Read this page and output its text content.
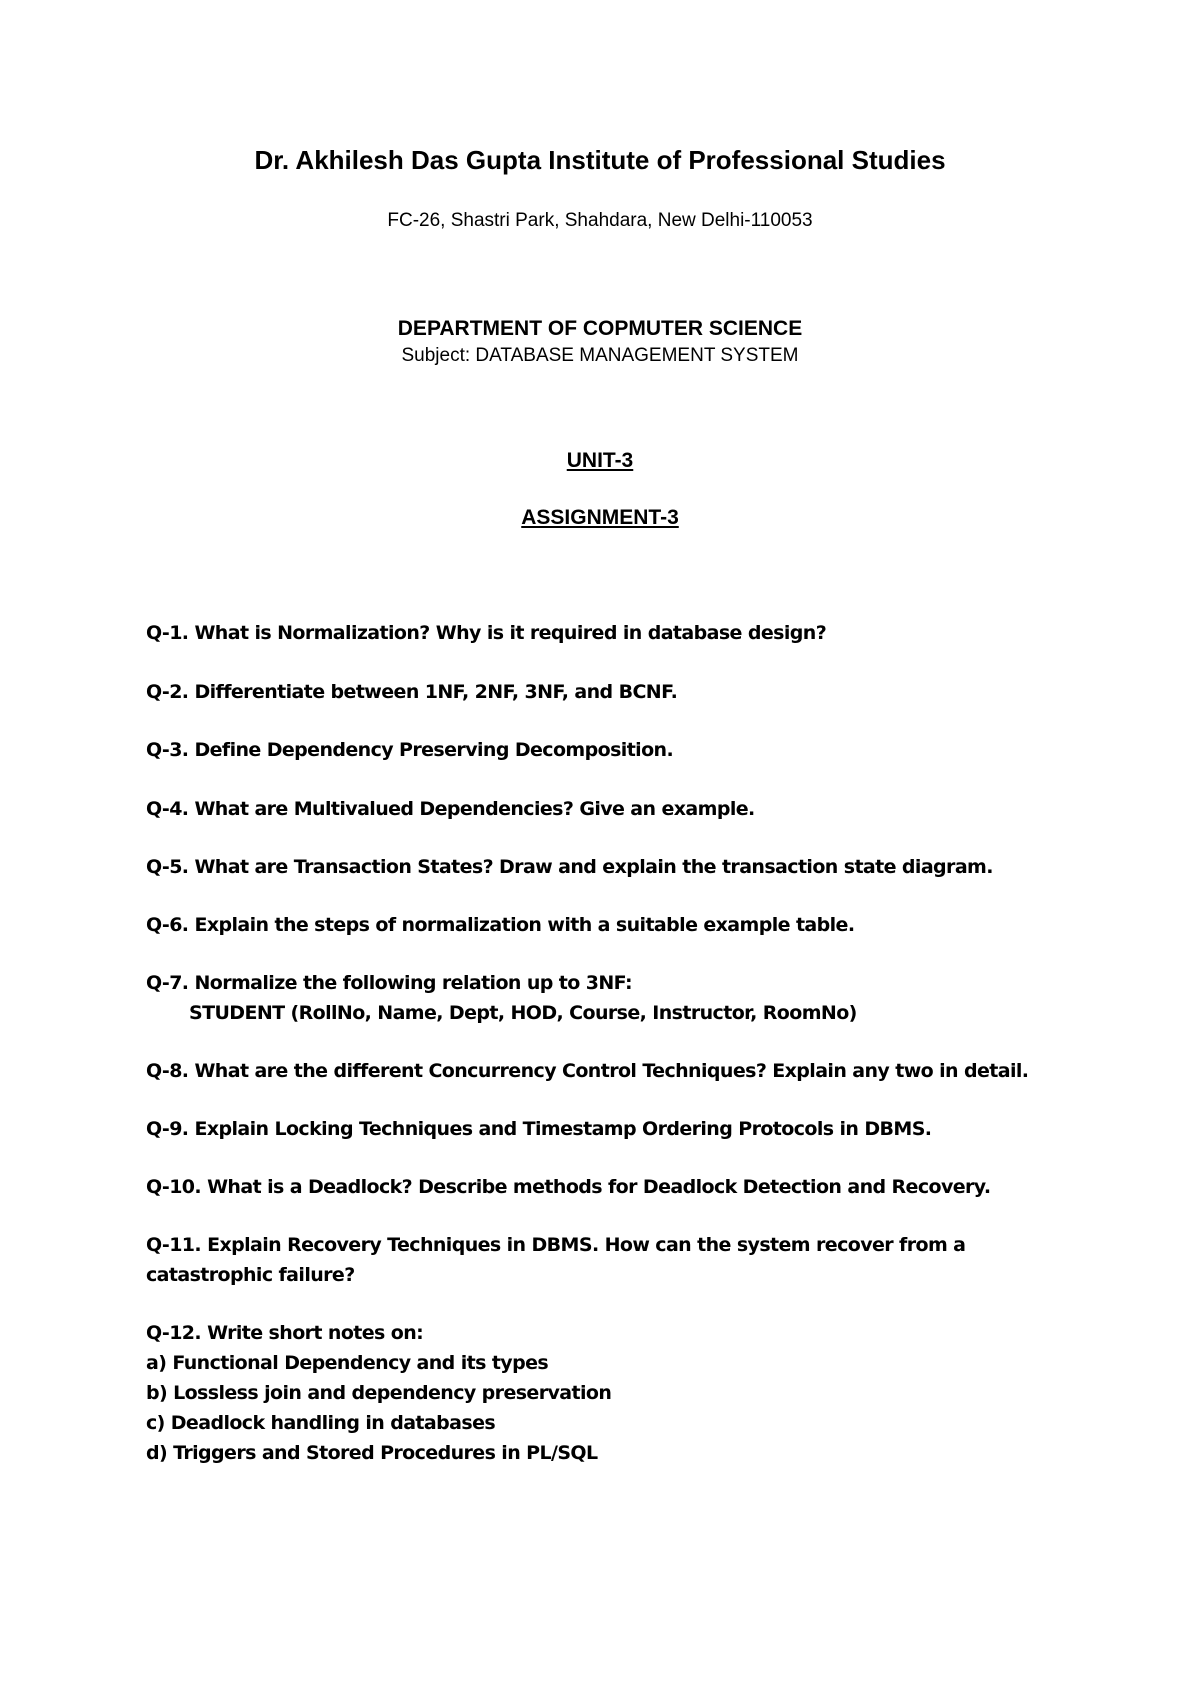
Dr. Akhilesh Das Gupta Institute of Professional Studies
FC-26, Shastri Park, Shahdara, New Delhi-110053
DEPARTMENT OF COPMUTER SCIENCE
Subject: DATABASE MANAGEMENT SYSTEM
UNIT-3
ASSIGNMENT-3
Q-1. What is Normalization? Why is it required in database design?
Q-2. Differentiate between 1NF, 2NF, 3NF, and BCNF.
Q-3. Define Dependency Preserving Decomposition.
Q-4. What are Multivalued Dependencies? Give an example.
Q-5. What are Transaction States? Draw and explain the transaction state diagram.
Q-6. Explain the steps of normalization with a suitable example table.
Q-7. Normalize the following relation up to 3NF:
STUDENT (RollNo, Name, Dept, HOD, Course, Instructor, RoomNo)
Q-8. What are the different Concurrency Control Techniques? Explain any two in detail.
Q-9. Explain Locking Techniques and Timestamp Ordering Protocols in DBMS.
Q-10. What is a Deadlock? Describe methods for Deadlock Detection and Recovery.
Q-11. Explain Recovery Techniques in DBMS. How can the system recover from a
catastrophic failure?
Q-12. Write short notes on:
a) Functional Dependency and its types
b) Lossless join and dependency preservation
c) Deadlock handling in databases
d) Triggers and Stored Procedures in PL/SQL
